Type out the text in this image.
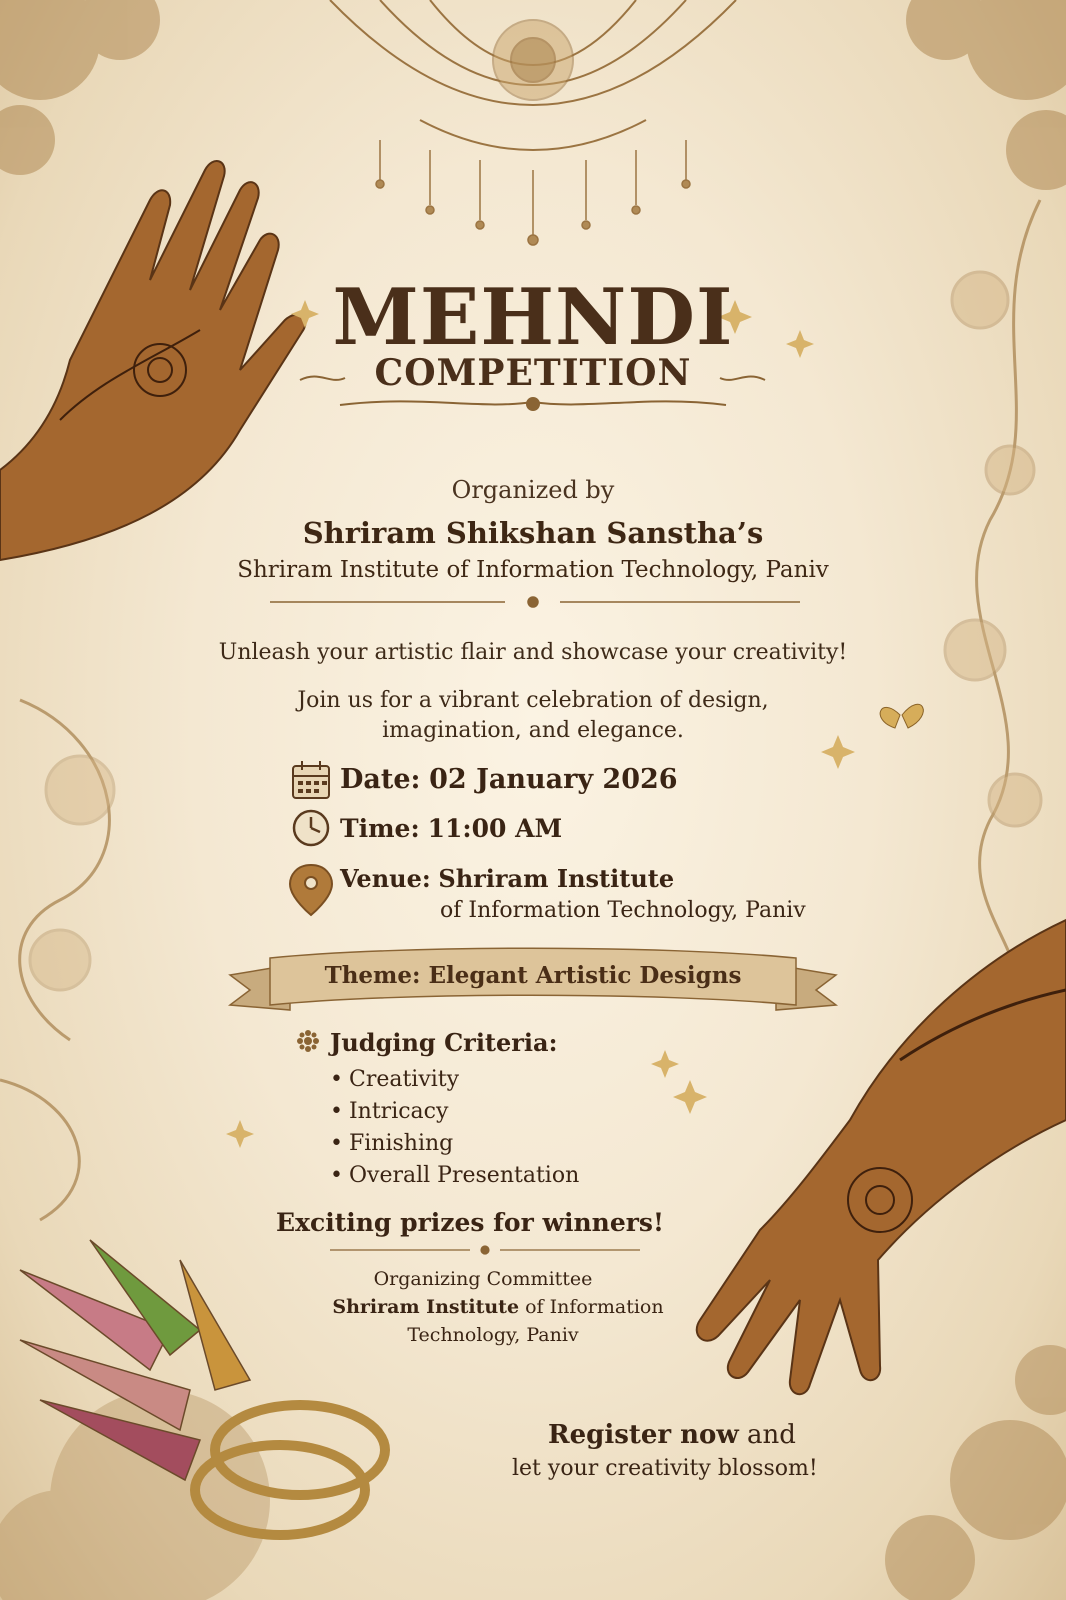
MEHNDI
COMPETITION
Organized by
Shriram Shikshan Sanstha’s
Shriram Institute of Information Technology, Paniv
Unleash your artistic flair and showcase your creativity!
Join us for a vibrant celebration of design,
imagination, and elegance.
Date: 02 January 2026
Time: 11:00 AM
Venue: Shriram Institute
of Information Technology, Paniv
Theme: Elegant Artistic Designs
Judging Criteria:
• Creativity
• Intricacy
• Finishing
• Overall Presentation
Exciting prizes for winners!
Organizing Committee
Shriram Institute of Information
Technology, Paniv
Register now and
let your creativity blossom!
